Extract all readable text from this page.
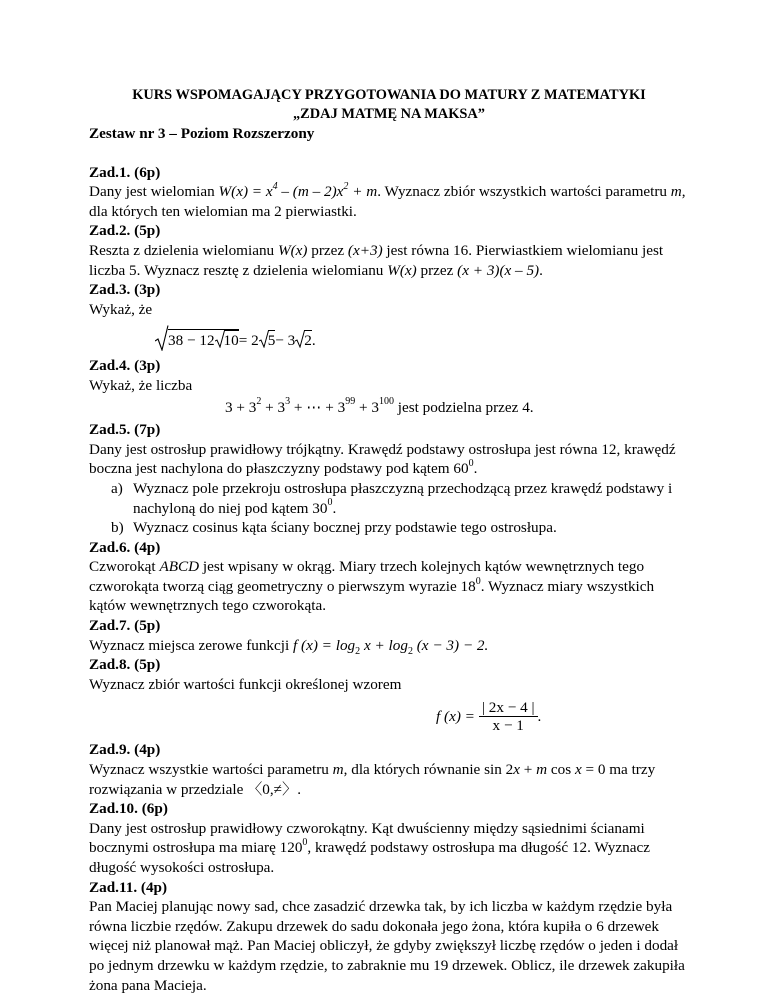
KURS WSPOMAGAJĄCY PRZYGOTOWANIA DO MATURY Z MATEMATYKI
„ZDAJ MATMĘ NA MAKSA”
Zestaw nr 3 – Poziom Rozszerzony
Zad.1. (6p)

Dany jest wielomian $W(x) = x^4 - (m - 2)x^2 + m$. Wyznacz zbiór wszystkich wartości parametru m, dla których ten wielomian ma 2 pierwiastki.

Zad.2. (5p)

Reszta z dzielenia wielomianu W(x) przez (x+3) jest równa 16. Pierwiastkiem wielomianu jest liczba 5. Wyznacz resztę z dzielenia wielomianu W(x) przez (x + 3)(x – 5).

Zad.3. (3p)

Wykaż, że

38 − 12 10 = 2 5 − 3 2 .
Zad.4. (3p)

Wykaż, że liczba

$3 + 3^2 + 3^3$ + ⋯ + $3^{99} + 3^{100}$ jest podzielna przez 4.

Zad.5. (7p)

Dany jest ostrosłup prawidłowy trójkątny. Krawędź podstawy ostrosłupa jest równa 12, krawędź boczna jest nachylona do płaszczyzny podstawy pod kątem $60^0$.

a) Wyznacz pole przekroju ostrosłupa płaszczyzną przechodzącą przez krawędź podstawy i nachyloną do niej pod kątem $30^0$.
b) Wyznacz cosinus kąta ściany bocznej przy podstawie tego ostrosłupa.
Zad.6. (4p)

Czworokąt ABCD jest wpisany w okrąg. Miary trzech kolejnych kątów wewnętrznych tego czworokąta tworzą ciąg geometryczny o pierwszym wyrazie $18^0$. Wyznacz miary wszystkich kątów wewnętrznych tego czworokąta.

Zad.7. (5p)

Wyznacz miejsca zerowe funkcji f $(x) = \log_2 x + \log_2 (x - 3) - 2$.

Zad.8. (5p)

Wyznacz zbiór wartości funkcji określonej wzorem

f $(x) = \frac{| 2x - 4 |}{x - 1}$ .
Zad.9. (4p)

Wyznacz wszystkie wartości parametru m, dla których równanie sin 2x + m cos x = 0 ma trzy rozwiązania w przedziale 〈0,≠〉.

Zad.10. (6p)

Dany jest ostrosłup prawidłowy czworokątny. Kąt dwuścienny między sąsiednimi ścianami bocznymi ostrosłupa ma miarę $120^0$, krawędź podstawy ostrosłupa ma długość 12. Wyznacz długość wysokości ostrosłupa.

Zad.11. (4p)

Pan Maciej planując nowy sad, chce zasadzić drzewka tak, by ich liczba w każdym rzędzie była równa liczbie rzędów. Zakupu drzewek do sadu dokonała jego żona, która kupiła o 6 drzewek więcej niż planował mąż. Pan Maciej obliczył, że gdyby zwiększył liczbę rzędów o jeden i dodał po jednym drzewku w każdym rzędzie, to zabraknie mu 19 drzewek. Oblicz, ile drzewek zakupiła żona pana Macieja.
